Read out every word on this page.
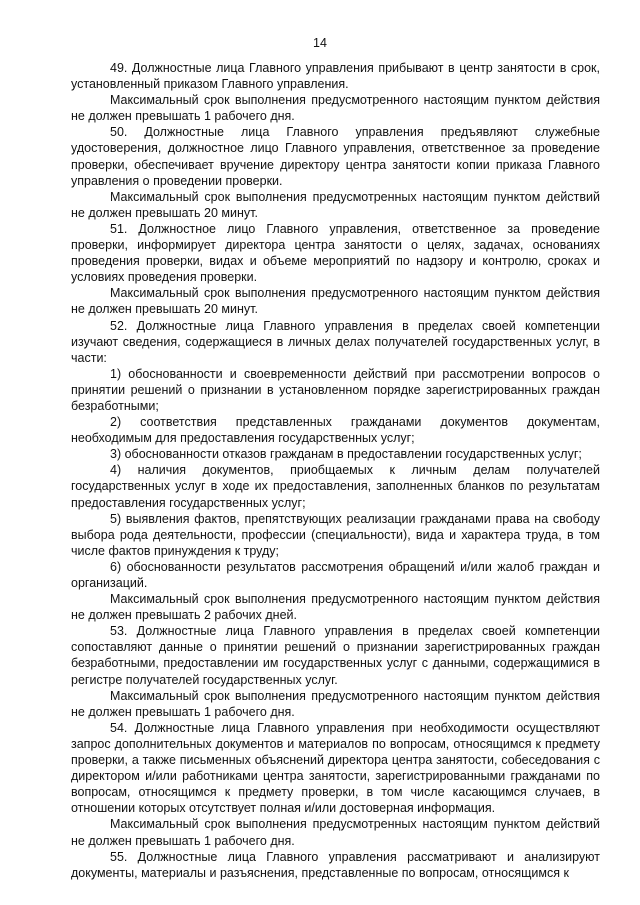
14

49. Должностные лица Главного управления прибывают в центр занятости в срок, установленный приказом Главного управления.

Максимальный срок выполнения предусмотренного настоящим пунктом действия не должен превышать 1 рабочего дня.

50. Должностные лица Главного управления предъявляют служебные удостоверения, должностное лицо Главного управления, ответственное за проведение проверки, обеспечивает вручение директору центра занятости копии приказа Главного управления о проведении проверки.

Максимальный срок выполнения предусмотренных настоящим пунктом действий не должен превышать 20 минут.

51. Должностное лицо Главного управления, ответственное за проведение проверки, информирует директора центра занятости о целях, задачах, основаниях проведения проверки, видах и объеме мероприятий по надзору и контролю, сроках и условиях проведения проверки.

Максимальный срок выполнения предусмотренного настоящим пунктом действия не должен превышать 20 минут.

52. Должностные лица Главного управления в пределах своей компетенции изучают сведения, содержащиеся в личных делах получателей государственных услуг, в части:

1) обоснованности и своевременности действий при рассмотрении вопросов о принятии решений о признании в установленном порядке зарегистрированных граждан безработными;

2) соответствия представленных гражданами документов документам, необходимым для предоставления государственных услуг;

3) обоснованности отказов гражданам в предоставлении государственных услуг;

4) наличия документов, приобщаемых к личным делам получателей государственных услуг в ходе их предоставления, заполненных бланков по результатам предоставления государственных услуг;

5) выявления фактов, препятствующих реализации гражданами права на свободу выбора рода деятельности, профессии (специальности), вида и характера труда, в том числе фактов принуждения к труду;

6) обоснованности результатов рассмотрения обращений и/или жалоб граждан и организаций.

Максимальный срок выполнения предусмотренного настоящим пунктом действия не должен превышать 2 рабочих дней.

53. Должностные лица Главного управления в пределах своей компетенции сопоставляют данные о принятии решений о признании зарегистрированных граждан безработными, предоставлении им государственных услуг с данными, содержащимися в регистре получателей государственных услуг.

Максимальный срок выполнения предусмотренного настоящим пунктом действия не должен превышать 1 рабочего дня.

54. Должностные лица Главного управления при необходимости осуществляют запрос дополнительных документов и материалов по вопросам, относящимся к предмету проверки, а также письменных объяснений директора центра занятости, собеседования с директором и/или работниками центра занятости, зарегистрированными гражданами по вопросам, относящимся к предмету проверки, в том числе касающимся случаев, в отношении которых отсутствует полная и/или достоверная информация.

Максимальный срок выполнения предусмотренных настоящим пунктом действий не должен превышать 1 рабочего дня.

55. Должностные лица Главного управления рассматривают и анализируют документы, материалы и разъяснения, представленные по вопросам, относящимся к
